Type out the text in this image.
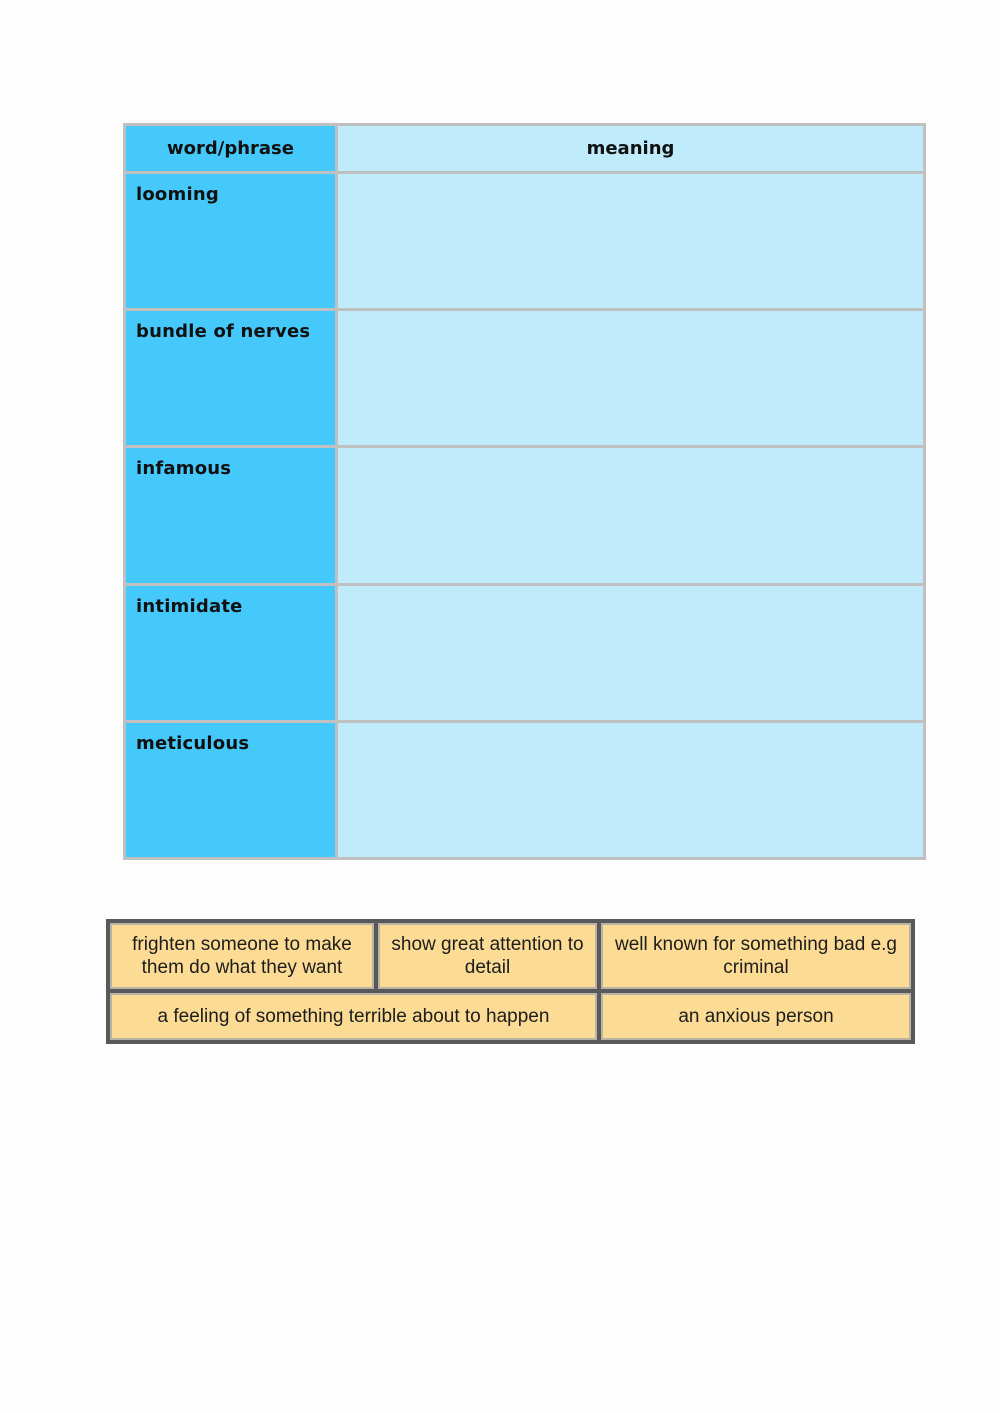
word/phrase	meaning
looming
bundle of nerves
infamous
intimidate
meticulous
frighten someone to make them do what they want
show great attention to detail
well known for something bad e.g criminal
a feeling of something terrible about to happen	an anxious person
